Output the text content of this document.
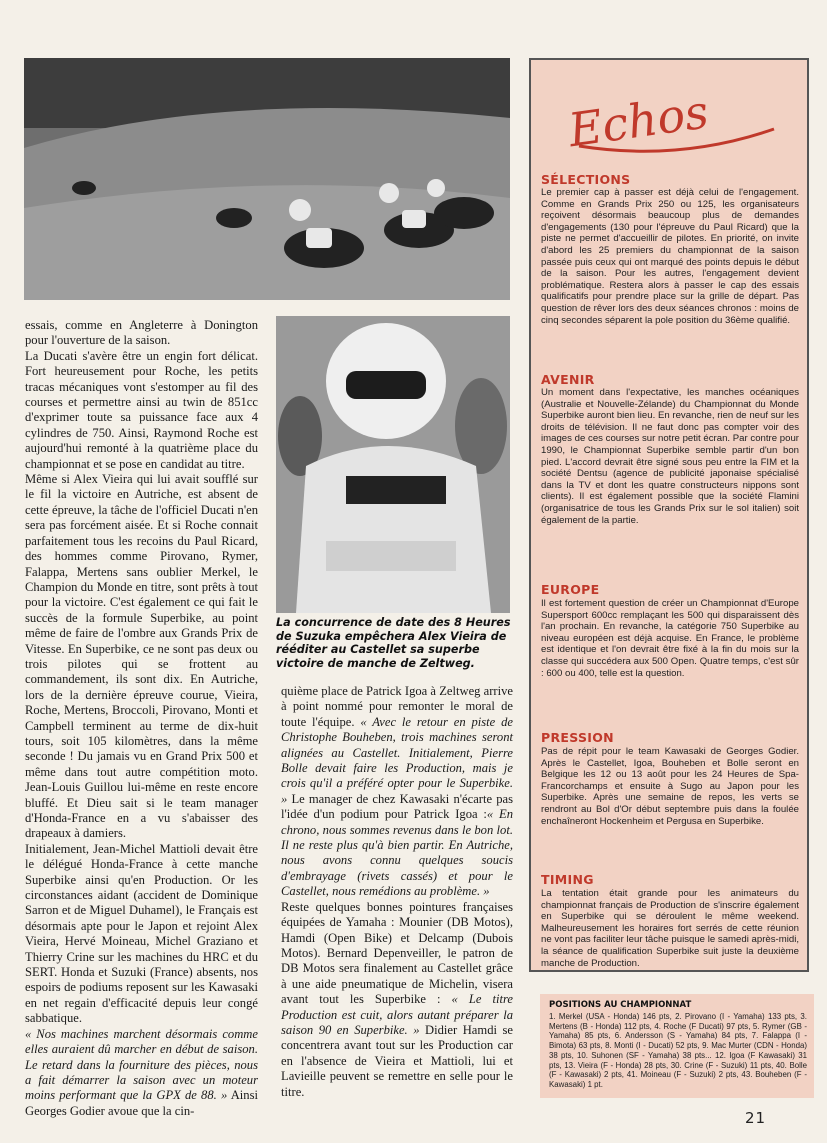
La concurrence de date des 8 Heures de Suzuka empêchera Alex Vieira de rééditer au Castellet sa superbe victoire de manche de Zeltweg.

essais, comme en Angleterre à Donington pour l'ouverture de la saison.

La Ducati s'avère être un engin fort délicat. Fort heureusement pour Roche, les petits tracas mécaniques vont s'estomper au fil des courses et permettre ainsi au twin de 851cc d'exprimer toute sa puissance face aux 4 cylindres de 750. Ainsi, Raymond Roche est aujourd'hui remonté à la quatrième place du championnat et se pose en candidat au titre.

Même si Alex Vieira qui lui avait soufflé sur le fil la victoire en Autriche, est absent de cette épreuve, la tâche de l'officiel Ducati n'en sera pas forcément aisée. Et si Roche connait parfaitement tous les recoins du Paul Ricard, des hommes comme Pirovano, Rymer, Falappa, Mertens sans oublier Merkel, le Champion du Monde en titre, sont prêts à tout pour la victoire. C'est également ce qui fait le succès de la formule Superbike, au point même de faire de l'ombre aux Grands Prix de Vitesse. En Superbike, ce ne sont pas deux ou trois pilotes qui se frottent au commandement, ils sont dix. En Autriche, lors de la dernière épreuve courue, Vieira, Roche, Mertens, Broccoli, Pirovano, Monti et Campbell terminent au terme de dix-huit tours, soit 105 kilomètres, dans la même seconde ! Du jamais vu en Grand Prix 500 et même dans tout autre compétition moto. Jean-Louis Guillou lui-même en reste encore bluffé. Et Dieu sait si le team manager d'Honda-France en a vu s'abaisser des drapeaux à damiers.

Initialement, Jean-Michel Mattioli devait être le délégué Honda-France à cette manche Superbike ainsi qu'en Production. Or les circonstances aidant (accident de Dominique Sarron et de Miguel Duhamel), le Français est désormais apte pour le Japon et rejoint Alex Vieira, Hervé Moineau, Michel Graziano et Thierry Crine sur les machines du HRC et du SERT. Honda et Suzuki (France) absents, nos espoirs de podiums reposent sur les Kawasaki en net regain d'efficacité depuis leur congé sabbatique.

« Nos machines marchent désormais comme elles auraient dû marcher en début de saison. Le retard dans la fourniture des pièces, nous a fait démarrer la saison avec un moteur moins performant que la GPX de 88. » Ainsi Georges Godier avoue que la cin-

quième place de Patrick Igoa à Zeltweg arrive à point nommé pour remonter le moral de toute l'équipe. « Avec le retour en piste de Christophe Bouheben, trois machines seront alignées au Castellet. Initialement, Pierre Bolle devait faire les Production, mais je crois qu'il a préféré opter pour le Superbike. » Le manager de chez Kawasaki n'écarte pas l'idée d'un podium pour Patrick Igoa :« En chrono, nous sommes revenus dans le bon lot. Il ne reste plus qu'à bien partir. En Autriche, nous avons connu quelques soucis d'embrayage (rivets cassés) et pour le Castellet, nous remédions au problème. »

Reste quelques bonnes pointures françaises équipées de Yamaha : Mounier (DB Motos), Hamdi (Open Bike) et Delcamp (Dubois Motos). Bernard Depenveiller, le patron de DB Motos sera finalement au Castellet grâce à une aide pneumatique de Michelin, visera avant tout les Superbike : « Le titre Production est cuit, alors autant préparer la saison 90 en Superbike. » Didier Hamdi se concentrera avant tout sur les Production car en l'absence de Vieira et Mattioli, lui et Lavieille peuvent se remettre en selle pour le titre.

Echos
SÉLECTIONS
Le premier cap à passer est déjà celui de l'engagement. Comme en Grands Prix 250 ou 125, les organisateurs reçoivent désormais beaucoup plus de demandes d'engagements (130 pour l'épreuve du Paul Ricard) que la piste ne permet d'accueillir de pilotes. En priorité, on invite d'abord les 25 premiers du championnat de la saison passée puis ceux qui ont marqué des points depuis le début de la saison. Pour les autres, l'engagement devient problématique. Restera alors à passer le cap des essais qualificatifs pour prendre place sur la grille de départ. Pas question de rêver lors des deux séances chronos : moins de cinq secondes séparent la pole position du 36ème qualifié.
AVENIR
Un moment dans l'expectative, les manches océaniques (Australie et Nouvelle-Zélande) du Championnat du Monde Superbike auront bien lieu. En revanche, rien de neuf sur les droits de télévision. Il ne faut donc pas compter voir des images de ces courses sur notre petit écran. Par contre pour 1990, le Championnat Superbike semble partir d'un bon pied. L'accord devrait être signé sous peu entre la FIM et la société Dentsu (agence de publicité japonaise spécialisé dans la TV et dont les quatre constructeurs nippons sont clients). Il est également possible que la société Flamini (organisatrice de tous les Grands Prix sur le sol italien) soit également de la partie.
EUROPE
Il est fortement question de créer un Championnat d'Europe Supersport 600cc remplaçant les 500 qui disparaissent dès l'an prochain. En revanche, la catégorie 750 Superbike au niveau européen est déjà acquise. En France, le problème est identique et l'on devrait être fixé à la fin du mois sur la classe qui succédera aux 500 Open. Quatre temps, c'est sûr : 600 ou 400, telle est la question.
PRESSION
Pas de répit pour le team Kawasaki de Georges Godier. Après le Castellet, Igoa, Bouheben et Bolle seront en Belgique les 12 ou 13 août pour les 24 Heures de Spa-Francorchamps et ensuite à Sugo au Japon pour les Superbike. Après une semaine de repos, les verts se rendront au Bol d'Or début septembre puis dans la foulée enchaîneront Hockenheim et Pergusa en Superbike.
TIMING
La tentation était grande pour les animateurs du championnat français de Production de s'inscrire également en Superbike qui se déroulent le même weekend. Malheureusement les horaires fort serrés de cette réunion ne vont pas faciliter leur tâche puisque le samedi après-midi, la séance de qualification Superbike suit juste la deuxième manche de Production.
POSITIONS AU CHAMPIONNAT
1. Merkel (USA - Honda) 146 pts, 2. Pirovano (I - Yamaha) 133 pts, 3. Mertens (B - Honda) 112 pts, 4. Roche (F Ducati) 97 pts, 5. Rymer (GB - Yamaha) 85 pts, 6. Andersson (S - Yamaha) 84 pts, 7. Falappa (I - Bimota) 63 pts, 8. Monti (I - Ducati) 52 pts, 9. Mac Murter (CDN - Honda) 38 pts, 10. Suhonen (SF - Yamaha) 38 pts... 12. Igoa (F Kawasaki) 31 pts, 13. Vieira (F - Honda) 28 pts, 30. Crine (F - Suzuki) 11 pts, 40. Bolle (F - Kawasaki) 2 pts, 41. Moineau (F - Suzuki) 2 pts, 43. Bouheben (F - Kawasaki) 1 pt.
21
